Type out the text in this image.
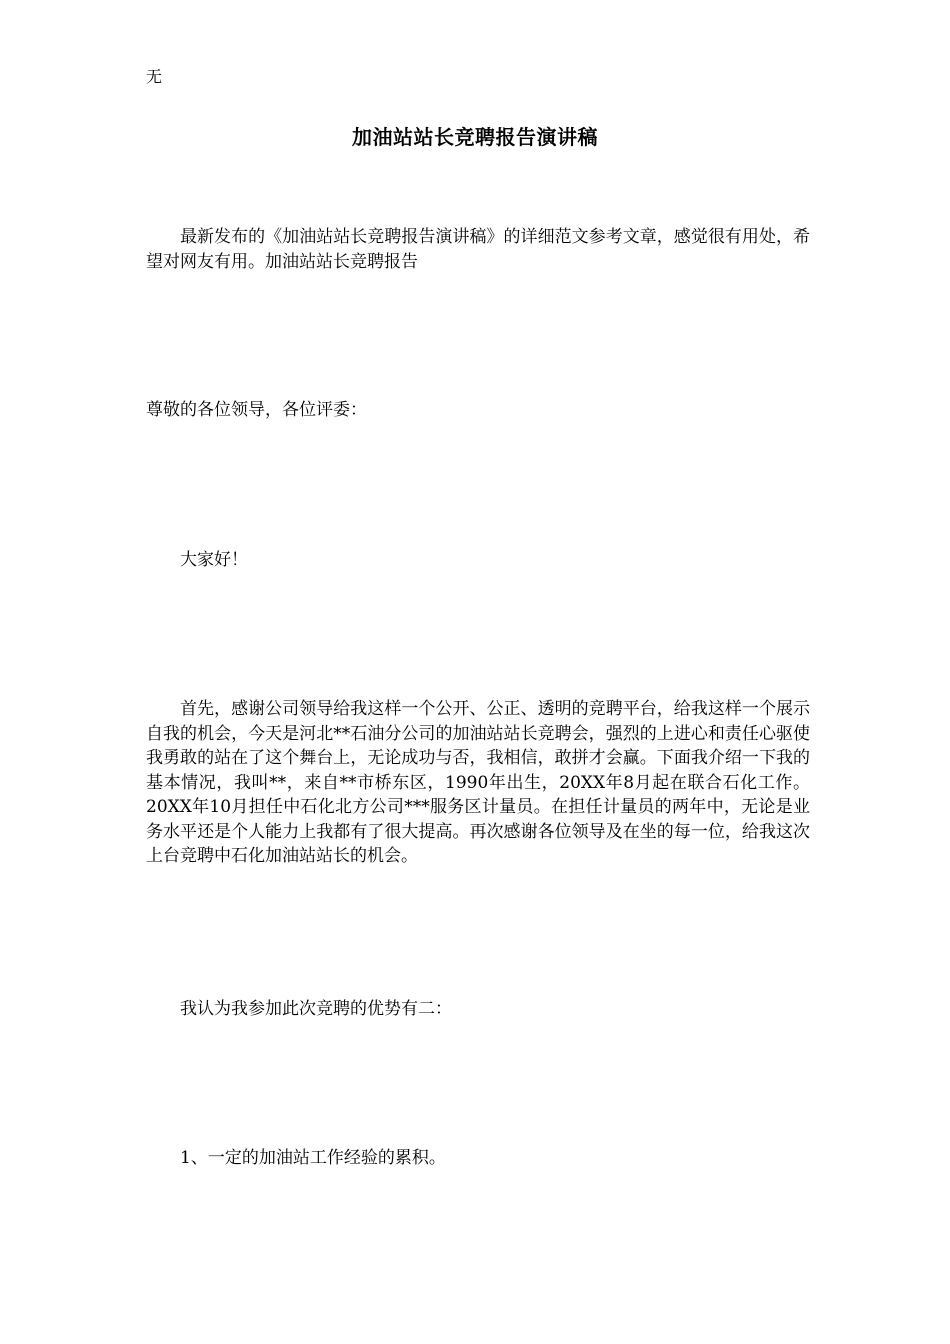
无
加油站站长竞聘报告演讲稿

最新发布的《加油站站长竞聘报告演讲稿》的详细范文参考文章，感觉很有用处，希望对网友有用。加油站站长竞聘报告

尊敬的各位领导，各位评委：

大家好！

首先，感谢公司领导给我这样一个公开、公正、透明的竞聘平台，给我这样一个展示自我的机会，今天是河北**石油分公司的加油站站长竞聘会，强烈的上进心和责任心驱使我勇敢的站在了这个舞台上，无论成功与否，我相信，敢拼才会赢。下面我介绍一下我的基本情况，我叫**，来自**市桥东区，1990年出生，20XX年8月起在联合石化工作。20XX年10月担任中石化北方公司***服务区计量员。在担任计量员的两年中，无论是业务水平还是个人能力上我都有了很大提高。再次感谢各位领导及在坐的每一位，给我这次上台竞聘中石化加油站站长的机会。

我认为我参加此次竞聘的优势有二：

1、一定的加油站工作经验的累积。
